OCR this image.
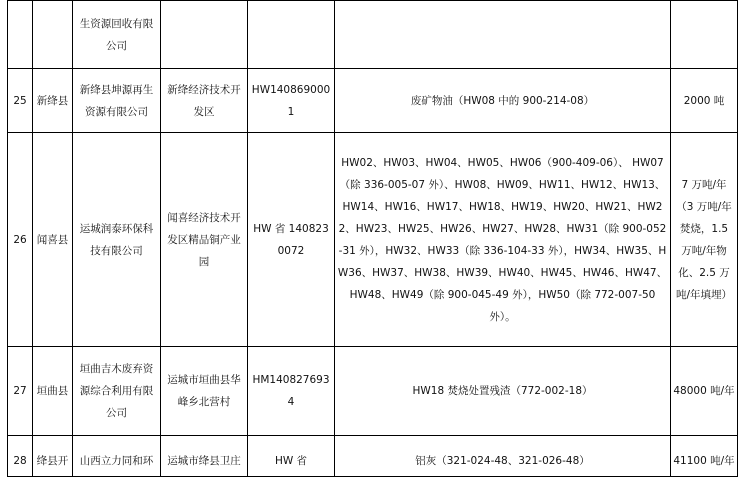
		生资源回收有限公司				
25	新绛县	新绛县坤源再生资源有限公司	新绛经济技术开发区	HW1408690001	废矿物油（HW08 中的 900-214-08）	2000 吨
26	闻喜县	运城润泰环保科技有限公司	闻喜经济技术开发区精品铜产业园	HW 省 1408230072	HW02、HW03、HW04、HW05、HW06（900-409-06）、 HW07（除 336-005-07 外）、HW08、HW09、HW11、HW12、HW13、HW14、HW16、HW17、HW18、HW19、HW20、HW21、HW22、HW23、HW25、HW26、HW27、HW28、HW31（除 900-052-31 外），HW32、HW33（除 336-104-33 外），HW34、HW35、HW36、HW37、HW38、HW39、HW40、HW45、HW46、HW47、HW48、HW49（除 900-045-49 外），HW50（除 772-007-50 外）。	7 万吨/年（3 万吨/年焚烧，1.5 万吨/年物化、2.5 万吨/年填埋）
27	垣曲县	垣曲吉木废弃资源综合利用有限公司	运城市垣曲县华峰乡北营村	HM1408276934	HW18 焚烧处置残渣（772-002-18）	48000 吨/年

28	绛县开	山西立力同和环	运城市绛县卫庄	HW 省	铝灰（321-024-48、321-026-48）	41100 吨/年
